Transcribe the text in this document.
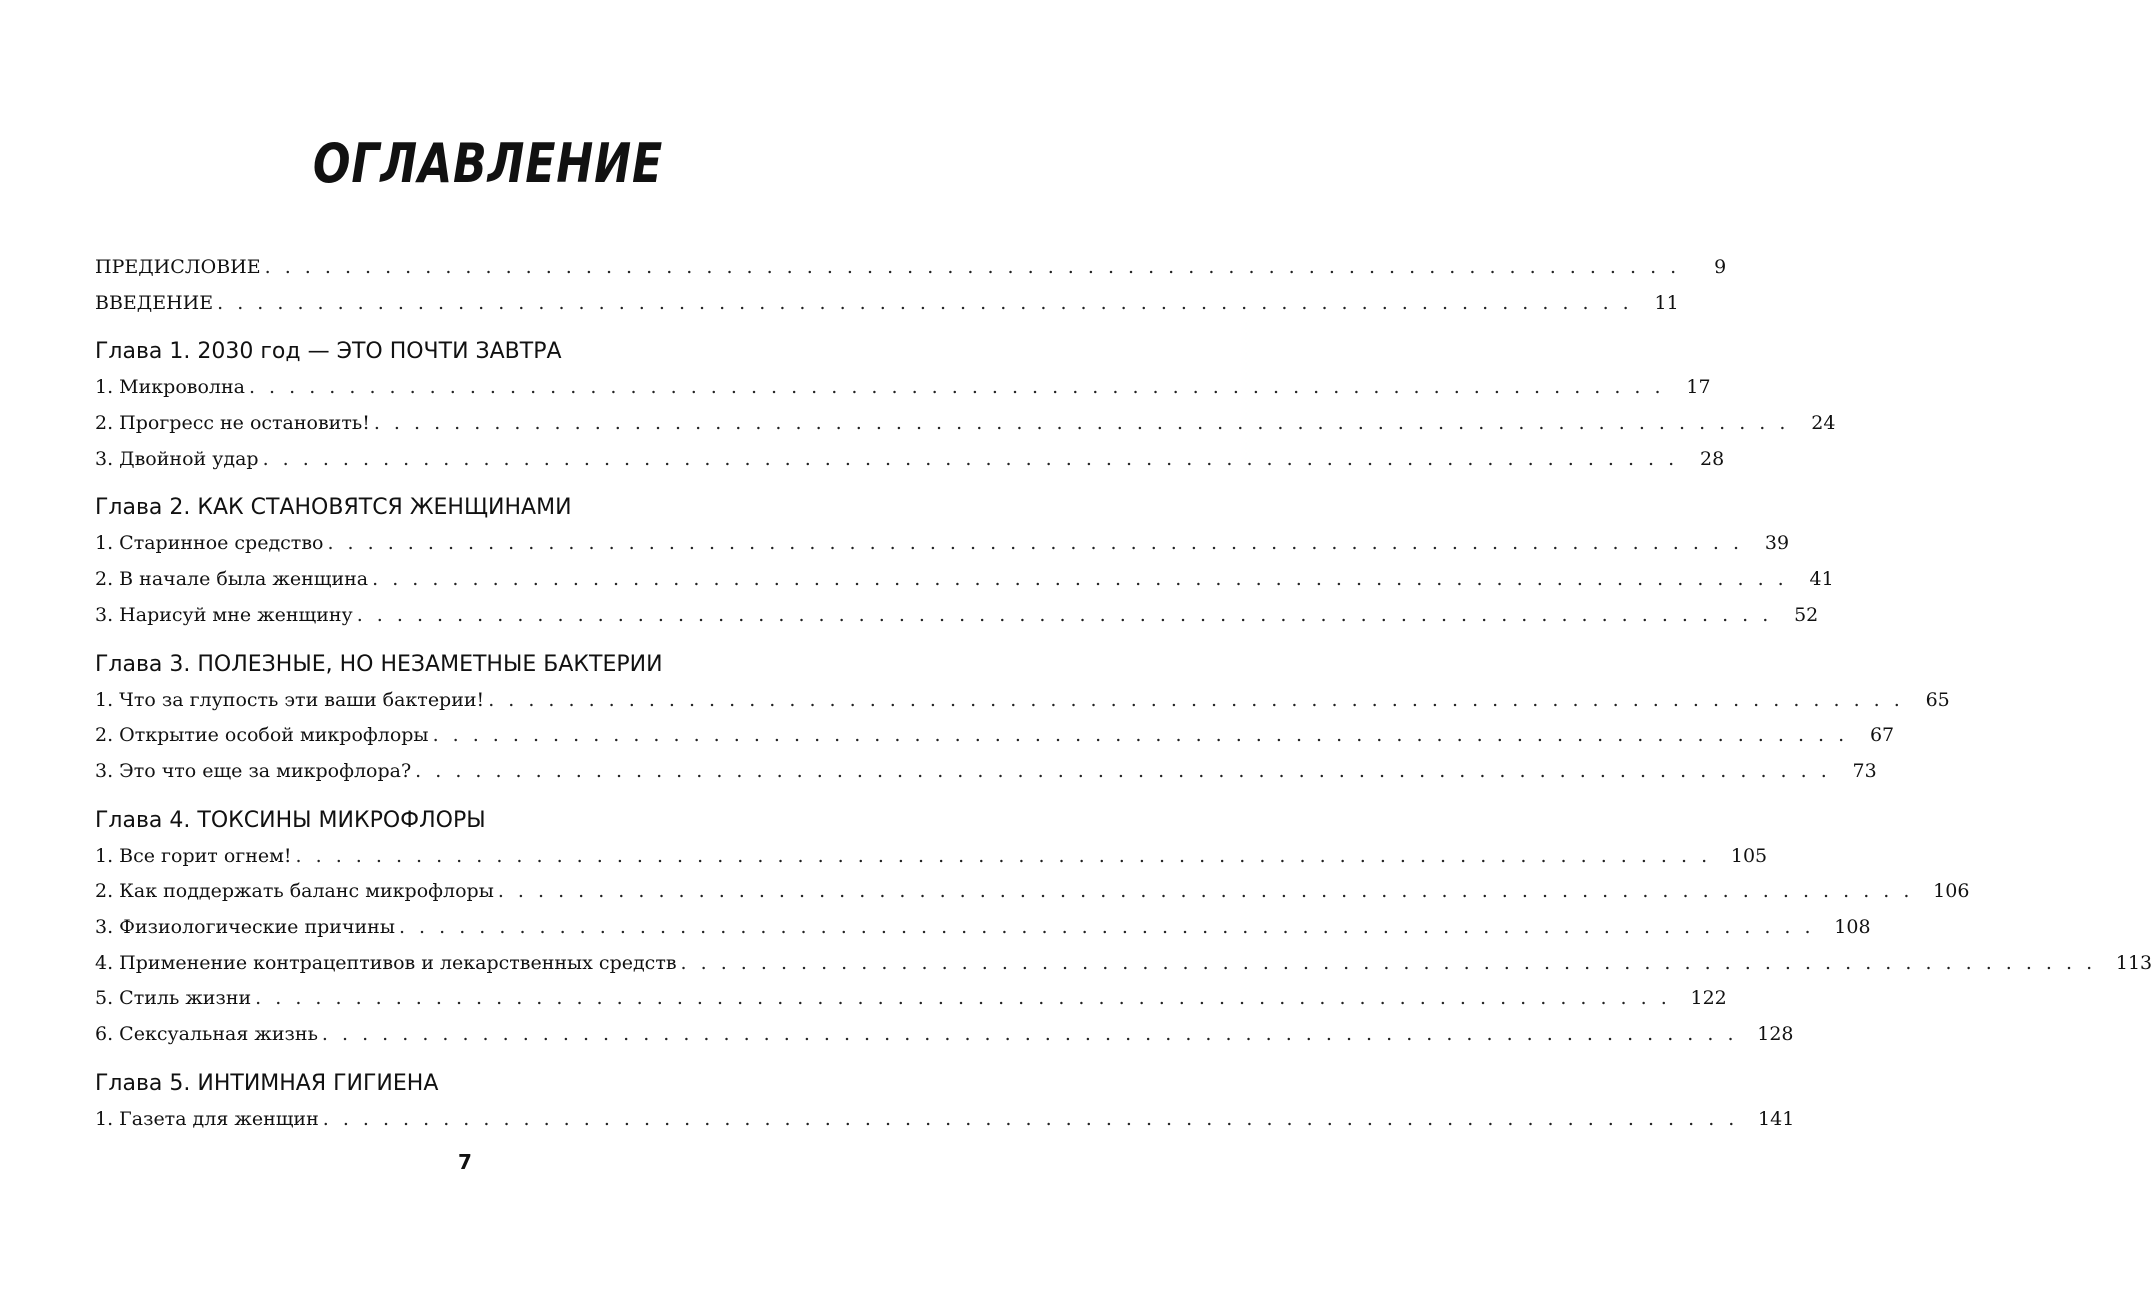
ОГЛАВЛЕНИЕ
ПРЕДИСЛОВИЕ . . . . . . . . . . . . . . . . . . . . . . . . . . . . . . . . . . . . . . . . . . . . . . . . . . . . . . . . . . . . . . . . . . . . . . .	9
ВВЕДЕНИЕ . . . . . . . . . . . . . . . . . . . . . . . . . . . . . . . . . . . . . . . . . . . . . . . . . . . . . . . . . . . . . . . . . . . . . . .	11
Глава 1. 2030 год — ЭТО ПОЧТИ ЗАВТРА
1. Микроволна . . . . . . . . . . . . . . . . . . . . . . . . . . . . . . . . . . . . . . . . . . . . . . . . . . . . . . . . . . . . . . . . . . . . . . .	17
2. Прогресс не остановить! . . . . . . . . . . . . . . . . . . . . . . . . . . . . . . . . . . . . . . . . . . . . . . . . . . . . . . . . . . . . . . . . . . . . . . .	24
3. Двойной удар . . . . . . . . . . . . . . . . . . . . . . . . . . . . . . . . . . . . . . . . . . . . . . . . . . . . . . . . . . . . . . . . . . . . . . .	28
Глава 2. КАК СТАНОВЯТСЯ ЖЕНЩИНАМИ
1. Старинное средство . . . . . . . . . . . . . . . . . . . . . . . . . . . . . . . . . . . . . . . . . . . . . . . . . . . . . . . . . . . . . . . . . . . . . . .	39
2. В начале была женщина . . . . . . . . . . . . . . . . . . . . . . . . . . . . . . . . . . . . . . . . . . . . . . . . . . . . . . . . . . . . . . . . . . . . . . .	41
3. Нарисуй мне женщину . . . . . . . . . . . . . . . . . . . . . . . . . . . . . . . . . . . . . . . . . . . . . . . . . . . . . . . . . . . . . . . . . . . . . . .	52
Глава 3. ПОЛЕЗНЫЕ, НО НЕЗАМЕТНЫЕ БАКТЕРИИ
1. Что за глупость эти ваши бактерии! . . . . . . . . . . . . . . . . . . . . . . . . . . . . . . . . . . . . . . . . . . . . . . . . . . . . . . . . . . . . . . . . . . . . . . .	65
2. Открытие особой микрофлоры . . . . . . . . . . . . . . . . . . . . . . . . . . . . . . . . . . . . . . . . . . . . . . . . . . . . . . . . . . . . . . . . . . . . . . .	67
3. Это что еще за микрофлора? . . . . . . . . . . . . . . . . . . . . . . . . . . . . . . . . . . . . . . . . . . . . . . . . . . . . . . . . . . . . . . . . . . . . . . .	73
Глава 4. ТОКСИНЫ МИКРОФЛОРЫ
1. Все горит огнем! . . . . . . . . . . . . . . . . . . . . . . . . . . . . . . . . . . . . . . . . . . . . . . . . . . . . . . . . . . . . . . . . . . . . . . .	105
2. Как поддержать баланс микрофлоры . . . . . . . . . . . . . . . . . . . . . . . . . . . . . . . . . . . . . . . . . . . . . . . . . . . . . . . . . . . . . . . . . . . . . . .	106
3. Физиологические причины . . . . . . . . . . . . . . . . . . . . . . . . . . . . . . . . . . . . . . . . . . . . . . . . . . . . . . . . . . . . . . . . . . . . . . .	108
4. Применение контрацептивов и лекарственных средств . . . . . . . . . . . . . . . . . . . . . . . . . . . . . . . . . . . . . . . . . . . . . . . . . . . . . . . . . . . . . . . . . . . . . . .	113
5. Стиль жизни . . . . . . . . . . . . . . . . . . . . . . . . . . . . . . . . . . . . . . . . . . . . . . . . . . . . . . . . . . . . . . . . . . . . . . .	122
6. Сексуальная жизнь . . . . . . . . . . . . . . . . . . . . . . . . . . . . . . . . . . . . . . . . . . . . . . . . . . . . . . . . . . . . . . . . . . . . . . .	128
Глава 5. ИНТИМНАЯ ГИГИЕНА
1. Газета для женщин . . . . . . . . . . . . . . . . . . . . . . . . . . . . . . . . . . . . . . . . . . . . . . . . . . . . . . . . . . . . . . . . . . . . . . .	141
7
